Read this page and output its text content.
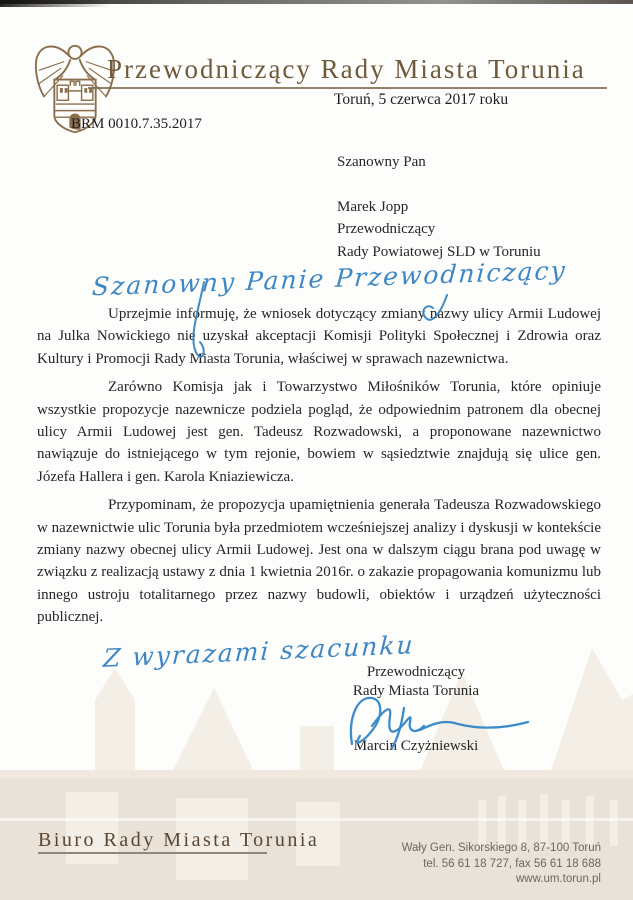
Przewodniczący Rady Miasta Torunia
Toruń, 5 czerwca 2017 roku
BRM 0010.7.35.2017
Szanowny Pan
Marek Jopp
Przewodniczący
Rady Powiatowej SLD w Toruniu
Szanowny Panie Przewodniczący
Z wyrazami szacunku

Uprzejmie informuję, że wniosek dotyczący zmiany nazwy ulicy Armii Ludowej na Julka Nowickiego nie uzyskał akceptacji Komisji Polityki Społecznej i Zdrowia oraz Kultury i Promocji Rady Miasta Torunia, właściwej w sprawach nazewnictwa.

Zarówno Komisja jak i Towarzystwo Miłośników Torunia, które opiniuje wszystkie propozycje nazewnicze podziela pogląd, że odpowiednim patronem dla obecnej ulicy Armii Ludowej jest gen. Tadeusz Rozwadowski, a proponowane nazewnictwo nawiązuje do istniejącego w tym rejonie, bowiem w sąsiedztwie znajdują się ulice gen. Józefa Hallera i gen. Karola Kniaziewicza.

Przypominam, że propozycja upamiętnienia generała Tadeusza Rozwadowskiego w nazewnictwie ulic Torunia była przedmiotem wcześniejszej analizy i dyskusji w kontekście zmiany nazwy obecnej ulicy Armii Ludowej. Jest ona w dalszym ciągu brana pod uwagę w związku z realizacją ustawy z dnia 1 kwietnia 2016r. o zakazie propagowania komunizmu lub innego ustroju totalitarnego przez nazwy budowli, obiektów i urządzeń użyteczności publicznej.

Przewodniczący
Rady Miasta Torunia
Marcin Czyżniewski
Biuro Rady Miasta Torunia	Wały Gen. Sikorskiego 8, 87-100 Toruń
tel. 56 61 18 727, fax 56 61 18 688
www.um.torun.pl
